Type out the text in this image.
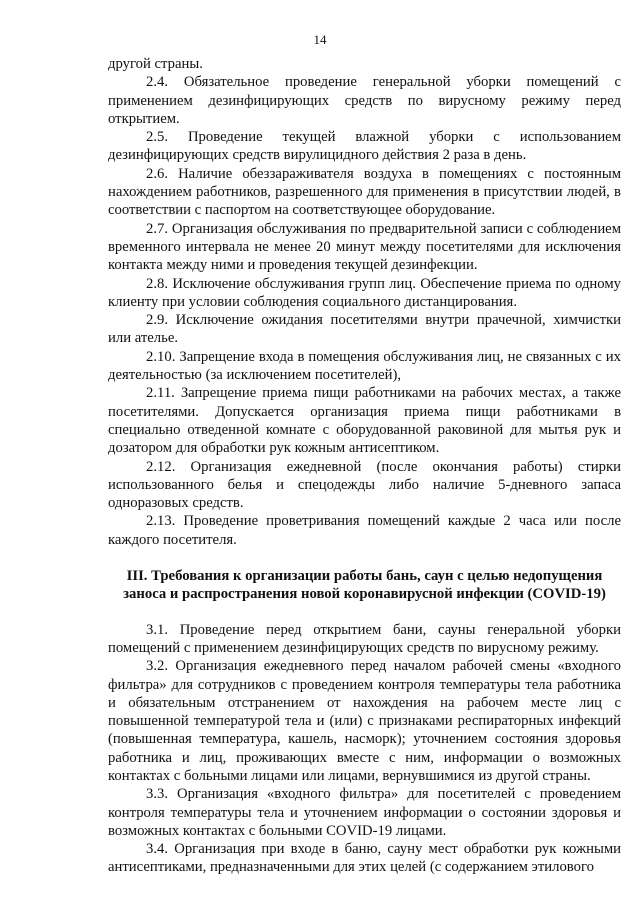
14

другой страны.

2.4. Обязательное проведение генеральной уборки помещений с применением дезинфицирующих средств по вирусному режиму перед открытием.

2.5. Проведение текущей влажной уборки с использованием дезинфицирующих средств вирулицидного действия 2 раза в день.

2.6. Наличие обеззараживателя воздуха в помещениях с постоянным нахождением работников, разрешенного для применения в присутствии людей, в соответствии с паспортом на соответствующее оборудование.

2.7. Организация обслуживания по предварительной записи с соблюдением временного интервала не менее 20 минут между посетителями для исключения контакта между ними и проведения текущей дезинфекции.

2.8. Исключение обслуживания групп лиц. Обеспечение приема по одному клиенту при условии соблюдения социального дистанцирования.

2.9. Исключение ожидания посетителями внутри прачечной, химчистки или ателье.

2.10. Запрещение входа в помещения обслуживания лиц, не связанных с их деятельностью (за исключением посетителей),

2.11. Запрещение приема пищи работниками на рабочих местах, а также посетителями. Допускается организация приема пищи работниками в специально отведенной комнате с оборудованной раковиной для мытья рук и дозатором для обработки рук кожным антисептиком.

2.12. Организация ежедневной (после окончания работы) стирки использованного белья и спецодежды либо наличие 5-дневного запаса одноразовых средств.

2.13. Проведение проветривания помещений каждые 2 часа или после каждого посетителя.

III. Требования к организации работы бань, саун с целью недопущения заноса и распространения новой коронавирусной инфекции (COVID-19)

3.1. Проведение перед открытием бани, сауны генеральной уборки помещений с применением дезинфицирующих средств по вирусному режиму.

3.2. Организация ежедневного перед началом рабочей смены «входного фильтра» для сотрудников с проведением контроля температуры тела работника и обязательным отстранением от нахождения на рабочем месте лиц с повышенной температурой тела и (или) с признаками респираторных инфекций (повышенная температура, кашель, насморк); уточнением состояния здоровья работника и лиц, проживающих вместе с ним, информации о возможных контактах с больными лицами или лицами, вернувшимися из другой страны.

3.3. Организация «входного фильтра» для посетителей с проведением контроля температуры тела и уточнением информации о состоянии здоровья и возможных контактах с больными COVID-19 лицами.

3.4. Организация при входе в баню, сауну мест обработки рук кожными антисептиками, предназначенными для этих целей (с содержанием этилового
